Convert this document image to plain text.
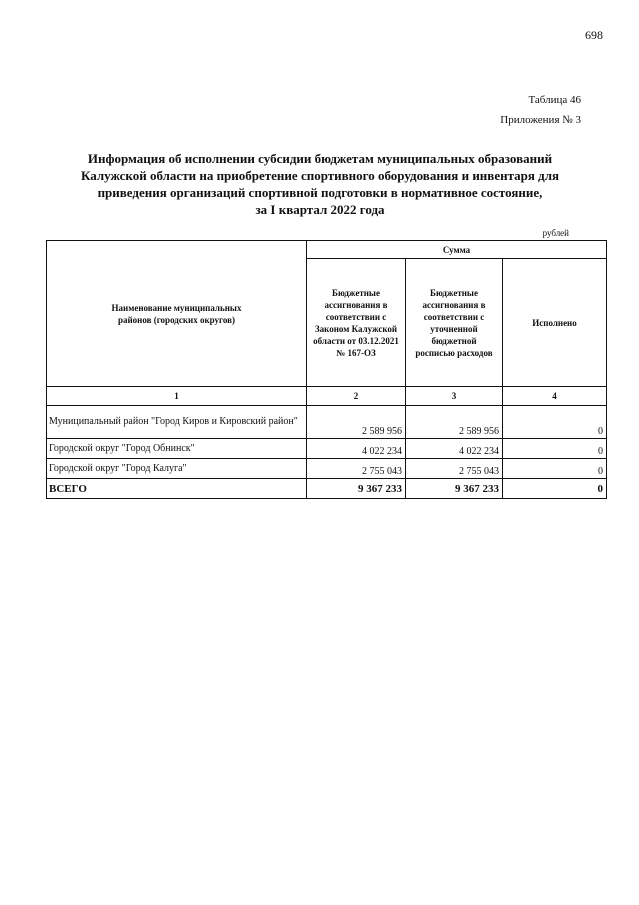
698
Таблица 46
Приложения № 3
Информация об исполнении субсидии бюджетам муниципальных образований
Калужской области на приобретение спортивного оборудования и инвентаря для
приведения организаций спортивной подготовки в нормативное состояние,
за I квартал 2022 года
рублей
Наименование муниципальных районов (городских округов)	Сумма		
	Бюджетные ассигнования в соответствии с Законом Калужской области от 03.12.2021 № 167-ОЗ	Бюджетные ассигнования в соответствии с уточненной бюджетной росписью расходов	Исполнено
1	2	3	4
Муниципальный район "Город Киров и Кировский район"	2 589 956	2 589 956	0
Городской округ "Город Обнинск"	4 022 234	4 022 234	0
Городской округ "Город Калуга"	2 755 043	2 755 043	0
ВСЕГО	9 367 233	9 367 233	0
